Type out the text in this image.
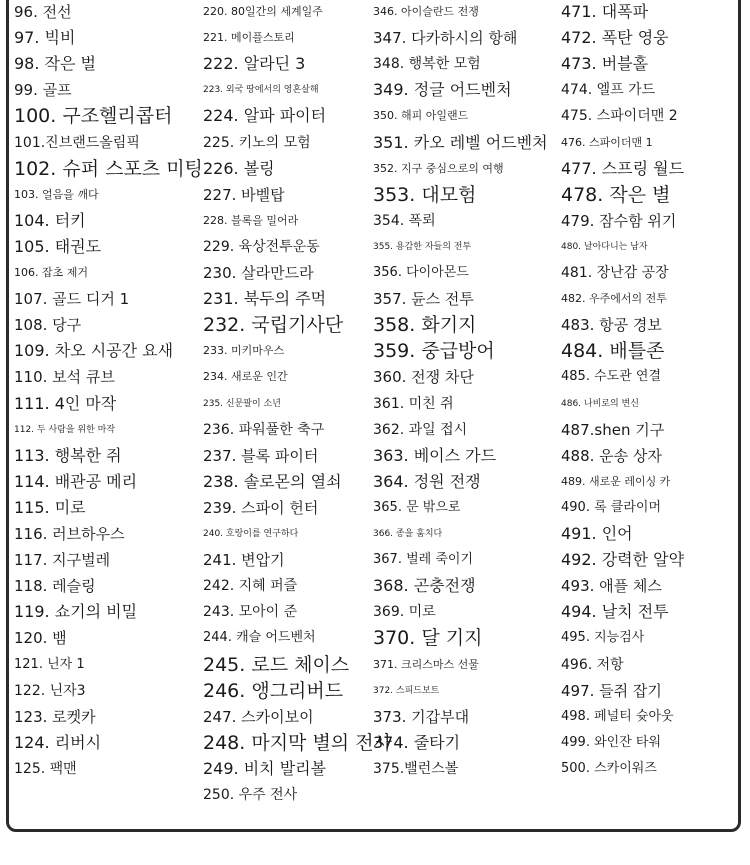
96. 전선
97. 빅비
98. 작은 벌
99. 골프
100. 구조헬리콥터
101.진브랜드올림픽
102. 슈퍼 스포츠 미팅
103. 얼음을 깨다
104. 터키
105. 태권도
106. 잡초 제거
107. 골드 디거 1
108. 당구
109. 차오 시공간 요새
110. 보석 큐브
111. 4인 마작
112. 두 사람을 위한 마작
113. 행복한 쥐
114. 배관공 메리
115. 미로
116. 러브하우스
117. 지구벌레
118. 레슬링
119. 쇼기의 비밀
120. 뱀
121. 닌자 1
122. 닌자3
123. 로켓카
124. 리버시
125. 팩맨
220. 80일간의 세계일주
221. 메이플스토리
222. 알라딘 3
223. 외국 땅에서의 영혼살해
224. 알파 파이터
225. 키노의 모험
226. 볼링
227. 바벨탑
228. 블록을 밀어라
229. 육상전투운동
230. 살라만드라
231. 북두의 주먹
232. 국립기사단
233. 미키마우스
234. 새로운 인간
235. 신문팔이 소년
236. 파워풀한 축구
237. 블록 파이터
238. 솔로몬의 열쇠
239. 스파이 헌터
240. 호랑이를 연구하다
241. 변압기
242. 지혜 퍼즐
243. 모아이 준
244. 캐슬 어드벤처
245. 로드 체이스
246. 앵그리버드
247. 스카이보이
248. 마지막 별의 전사
249. 비치 발리볼
250. 우주 전사
346. 아이슬란드 전쟁
347. 다카하시의 항해
348. 행복한 모험
349. 정글 어드벤처
350. 해피 아일랜드
351. 카오 레벨 어드벤처
352. 지구 중심으로의 여행
353. 대모험
354. 폭뢰
355. 용감한 자들의 전투
356. 다이아몬드
357. 듄스 전투
358. 화기지
359. 중급방어
360. 전쟁 차단
361. 미친 쥐
362. 과일 접시
363. 베이스 가드
364. 정원 전쟁
365. 문 밖으로
366. 종을 훔치다
367. 벌레 죽이기
368. 곤충전쟁
369. 미로
370. 달 기지
371. 크리스마스 선물
372. 스피드보트
373. 기갑부대
374. 줄타기
375.밸런스볼
471. 대폭파
472. 폭탄 영웅
473. 버블홀
474. 엘프 가드
475. 스파이더맨 2
476. 스파이더맨 1
477. 스프링 월드
478. 작은 별
479. 잠수함 위기
480. 날아다니는 남자
481. 장난감 공장
482. 우주에서의 전투
483. 항공 경보
484. 배틀존
485. 수도관 연결
486. 나비로의 변신
487.shen 기구
488. 운송 상자
489. 새로운 레이싱 카
490. 록 클라이머
491. 인어
492. 강력한 알약
493. 애플 체스
494. 날치 전투
495. 지능검사
496. 저항
497. 들쥐 잡기
498. 페널티 슛아웃
499. 와인잔 타워
500. 스카이워즈
